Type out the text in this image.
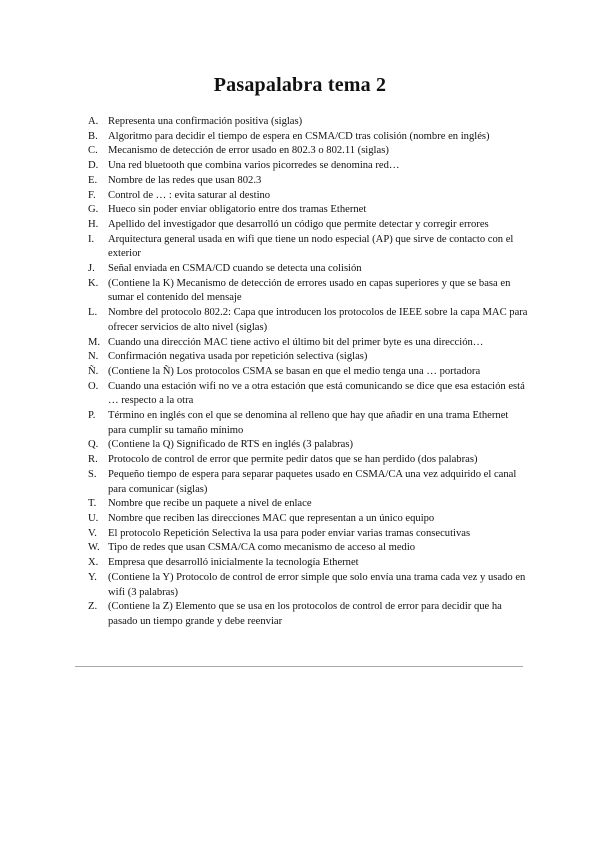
Pasapalabra tema 2
A. Representa una confirmación positiva (siglas)
B. Algoritmo para decidir el tiempo de espera en CSMA/CD tras colisión (nombre en inglés)
C. Mecanismo de detección de error usado en 802.3 o 802.11 (siglas)
D. Una red bluetooth que combina varios picorredes se denomina red…
E.	Nombre de las redes que usan 802.3
F.	Control de … : evita saturar al destino
G. Hueco sin poder enviar obligatorio entre dos tramas Ethernet
H. Apellido del investigador que desarrolló un código que permite detectar y corregir errores
I.	Arquitectura general usada en wifi que tiene un nodo especial (AP) que sirve de contacto con el exterior
J.	Señal enviada en CSMA/CD cuando se detecta una colisión
K. (Contiene la K) Mecanismo de detección de errores usado en capas superiores y que se basa en sumar el contenido del mensaje
L.	Nombre del protocolo 802.2: Capa que introducen los protocolos de IEEE sobre la capa MAC para ofrecer servicios de alto nivel (siglas)
M. Cuando una dirección MAC tiene activo el último bit del primer byte es una dirección…
N. Confirmación negativa usada por repetición selectiva (siglas)
Ñ. (Contiene la Ñ) Los protocolos CSMA se basan en que el medio tenga una … portadora
O. Cuando una estación wifi no ve a otra estación que está comunicando se dice que esa estación está … respecto a la otra
P.	Término en inglés con el que se denomina al relleno que hay que añadir en una trama Ethernet para cumplir su tamaño mínimo
Q. (Contiene la Q) Significado de RTS en inglés (3 palabras)
R. Protocolo de control de error que permite pedir datos que se han perdido (dos palabras)
S.	Pequeño tiempo de espera para separar paquetes usado en CSMA/CA una vez adquirido el canal para comunicar (siglas)
T.	Nombre que recibe un paquete a nivel de enlace
U. Nombre que reciben las direcciones MAC que representan a un único equipo
V.	El protocolo Repetición Selectiva la usa para poder enviar varias tramas consecutivas
W. Tipo de redes que usan CSMA/CA como mecanismo de acceso al medio
X. Empresa que desarrolló inicialmente la tecnología Ethernet
Y.	(Contiene la Y) Protocolo de control de error simple que solo envía una trama cada vez y usado en wifi (3 palabras)
Z.	(Contiene la Z) Elemento que se usa en los protocolos de control de error para decidir que ha pasado un tiempo grande y debe reenviar
